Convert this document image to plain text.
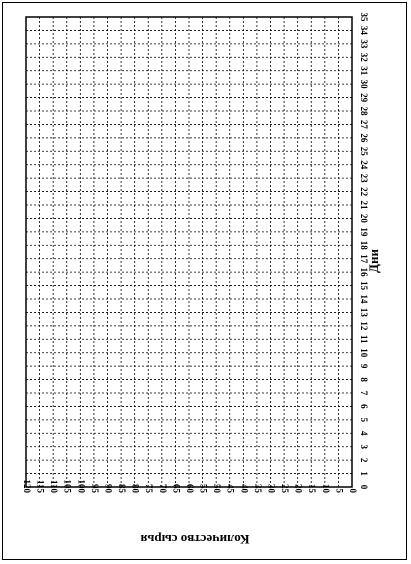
0
1
2
3
4
5
6
7
8
9
10
11
12
13
14
15
16
17
18
19
20
21
22
23
24
25
26
27
28
29
30
31
32
33
34
35
0
5
10
15
20
25
30
35
40
45
50
55
60
65
70
75
80
85
90
95
100
105
110
115
120
Дни
Количество сырья
